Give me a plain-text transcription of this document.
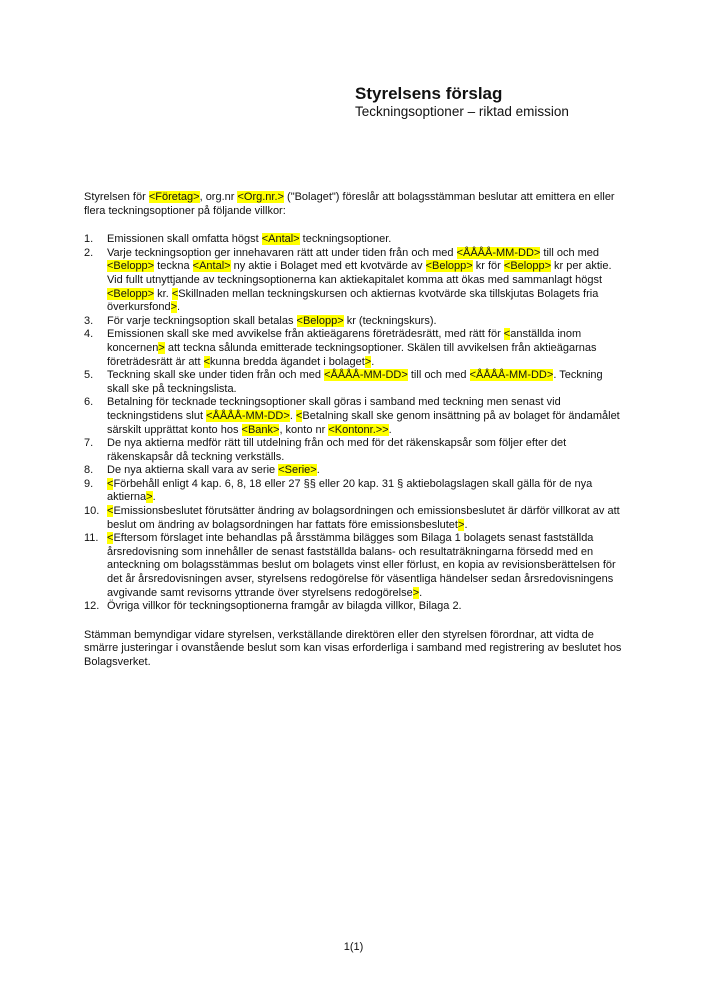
Styrelsens förslag
Teckningsoptioner – riktad emission

Styrelsen för <Företag>, org.nr <Org.nr.> ("Bolaget") föreslår att bolagsstämman beslutar att emittera en eller flera teckningsoptioner på följande villkor:

1.	Emissionen skall omfatta högst <Antal> teckningsoptioner.
2.	Varje teckningsoption ger innehavaren rätt att under tiden från och med <ÅÅÅÅ-MM-DD> till och med <Belopp> teckna <Antal> ny aktie i Bolaget med ett kvotvärde av <Belopp> kr för <Belopp> kr per aktie. Vid fullt utnyttjande av teckningsoptionerna kan aktiekapitalet komma att ökas med sammanlagt högst <Belopp> kr. <Skillnaden mellan teckningskursen och aktiernas kvotvärde ska tillskjutas Bolagets fria överkursfond>.
3.	För varje teckningsoption skall betalas <Belopp> kr (teckningskurs).
4.	Emissionen skall ske med avvikelse från aktieägarens företrädesrätt, med rätt för <anställda inom koncernen> att teckna sålunda emitterade teckningsoptioner. Skälen till avvikelsen från aktieägarnas företrädesrätt är att <kunna bredda ägandet i bolaget>.
5.	Teckning skall ske under tiden från och med <ÅÅÅÅ-MM-DD> till och med <ÅÅÅÅ-MM-DD>. Teckning skall ske på teckningslista.
6.	Betalning för tecknade teckningsoptioner skall göras i samband med teckning men senast vid teckningstidens slut <ÅÅÅÅ-MM-DD>. <Betalning skall ske genom insättning på av bolaget för ändamålet särskilt upprättat konto hos <Bank>, konto nr <Kontonr.>>.
7.	De nya aktierna medför rätt till utdelning från och med för det räkenskapsår som följer efter det räkenskapsår då teckning verkställs.
8.	De nya aktierna skall vara av serie <Serie>.
9.	<Förbehåll enligt 4 kap. 6, 8, 18 eller 27 §§ eller 20 kap. 31 § aktiebolagslagen skall gälla för de nya aktierna>.
10. <Emissionsbeslutet förutsätter ändring av bolagsordningen och emissionsbeslutet är därför villkorat av att beslut om ändring av bolagsordningen har fattats före emissionsbeslutet>.
11. <Eftersom förslaget inte behandlas på årsstämma bilägges som Bilaga 1 bolagets senast fastställda årsredovisning som innehåller de senast fastställda balans- och resultaträkningarna försedd med en anteckning om bolagsstämmas beslut om bolagets vinst eller förlust, en kopia av revisionsberättelsen för det år årsredovisningen avser, styrelsens redogörelse för väsentliga händelser sedan årsredovisningens avgivande samt revisorns yttrande över styrelsens redogörelse>.
12. Övriga villkor för teckningsoptionerna framgår av bilagda villkor, Bilaga 2.

Stämman bemyndigar vidare styrelsen, verkställande direktören eller den styrelsen förordnar, att vidta de smärre justeringar i ovanstående beslut som kan visas erforderliga i samband med registrering av beslutet hos Bolagsverket.

1(1)
